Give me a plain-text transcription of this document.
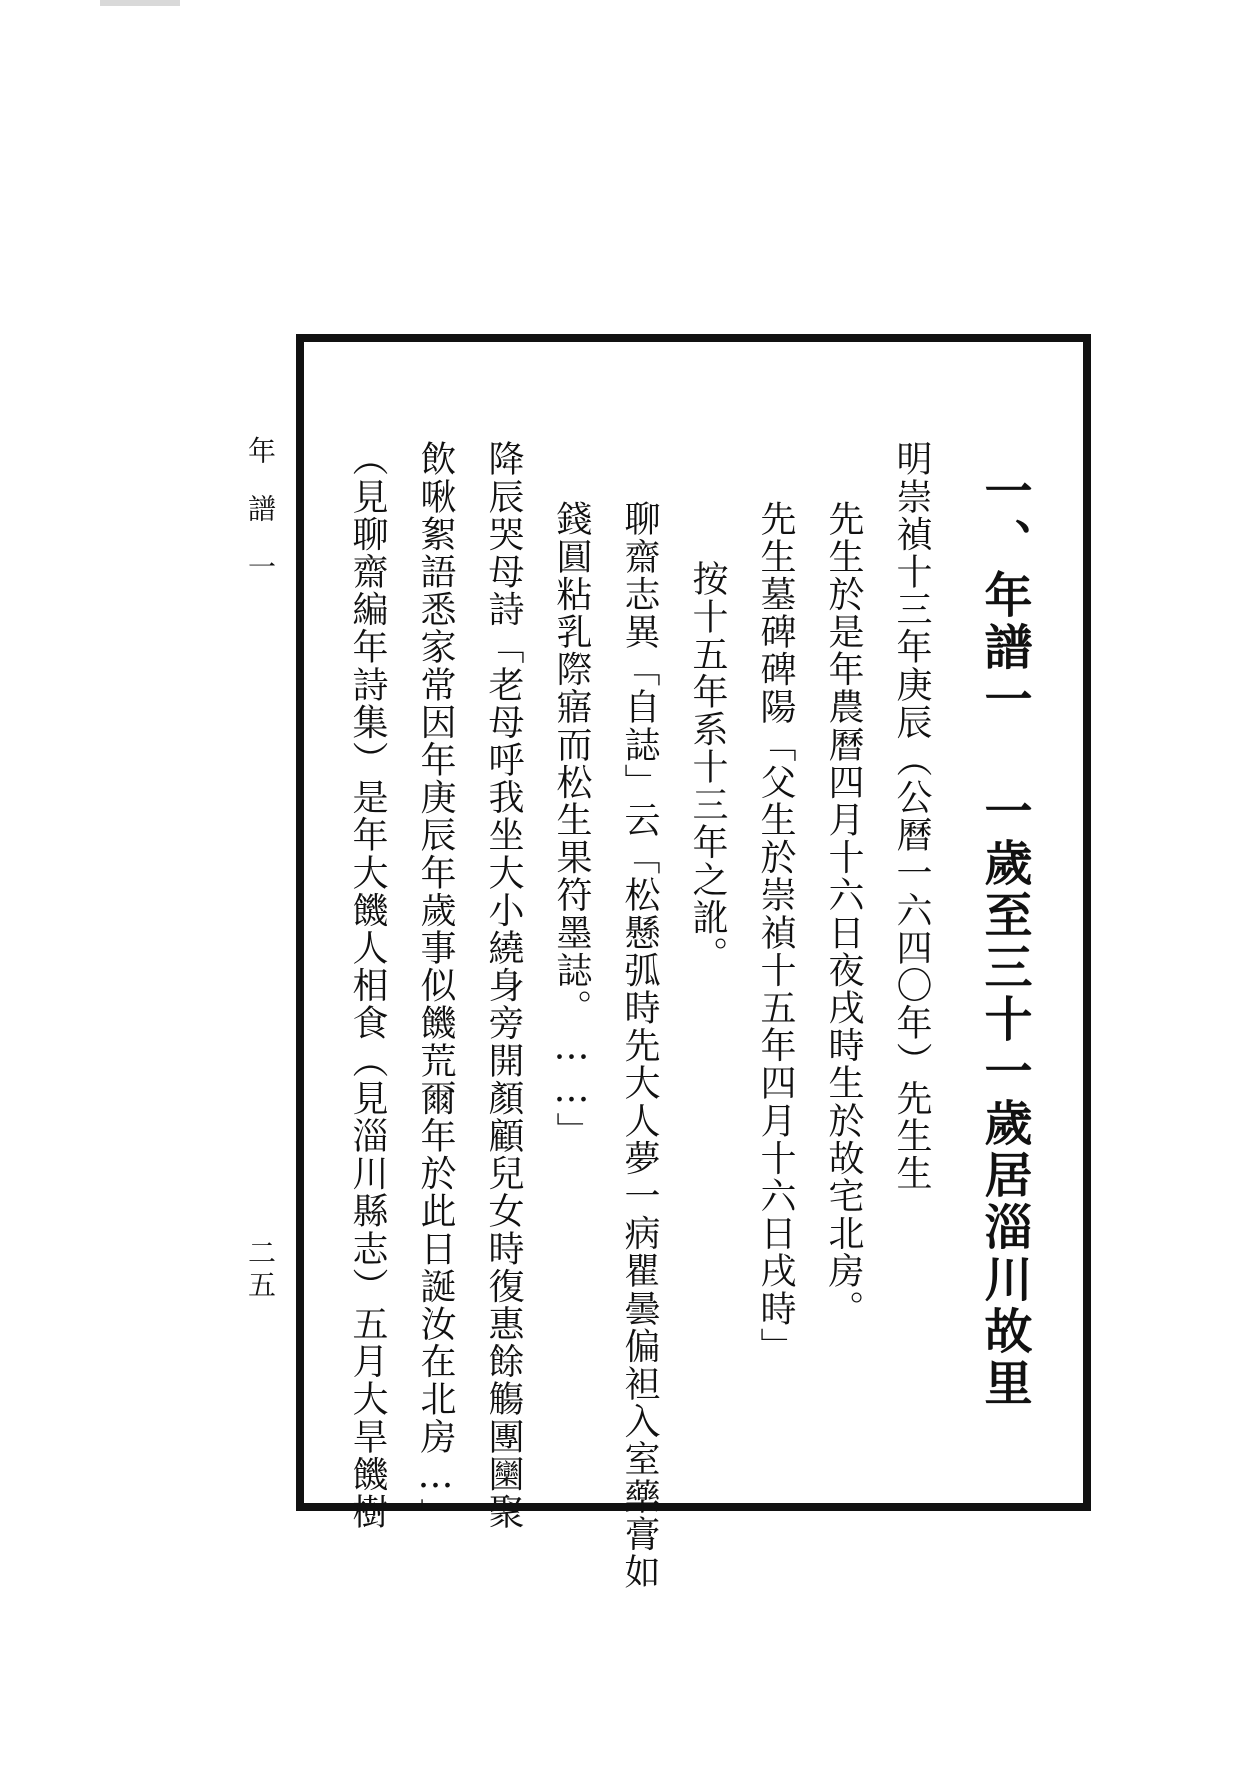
年譜一
二五	一、年譜一 一歲至三十一歲居淄川故里

明崇禎十三年庚辰（公曆一六四〇年）先生生

先生於是年農曆四月十六日夜戌時生於故宅北房。

先生墓碑碑陽「父生於崇禎十五年四月十六日戌時」

按十五年系十三年之訛。

聊齋志異「自誌」云「松懸弧時先大人夢一病瞿曇偏袒入室藥膏如

錢圓粘乳際寤而松生果符墨誌。……」

降辰哭母詩「老母呼我坐大小繞身旁開顏顧兒女時復惠餘觴團圞聚

飲啾絮語悉家常因年庚辰年歲事似饑荒爾年於此日誕汝在北房…」

（見聊齋編年詩集）是年大饑人相食（見淄川縣志）五月大旱饑樹
